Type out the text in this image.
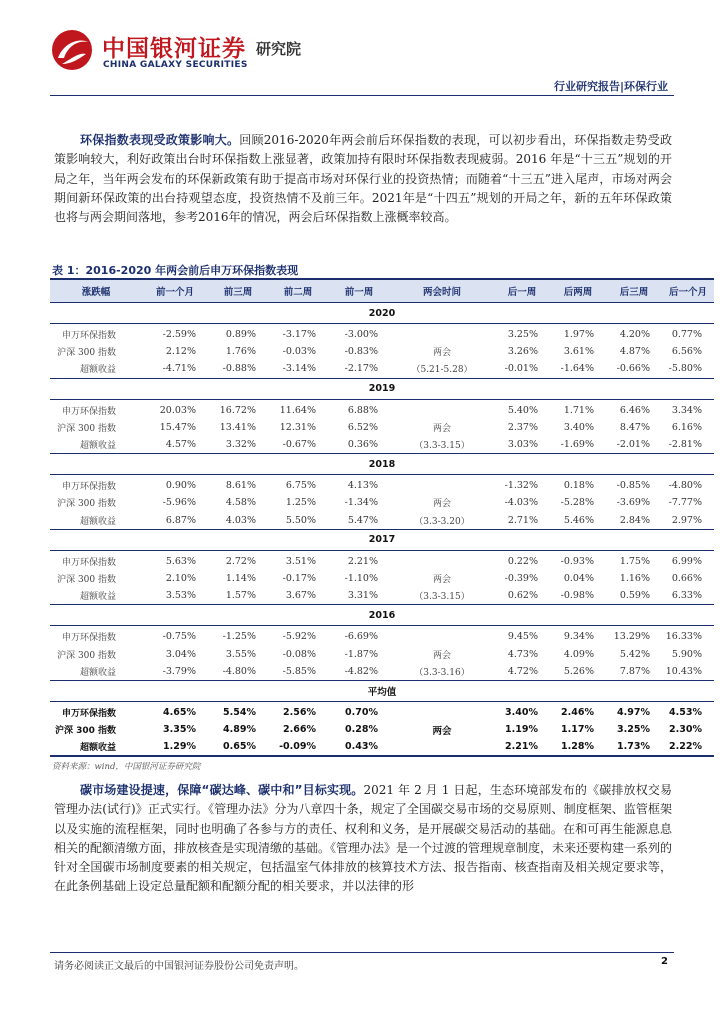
中国银河证券 研究院
CHINA GALAXY SECURITIES
行业研究报告|环保行业

环保指数表现受政策影响大。回顾2016-2020年两会前后环保指数的表现，可以初步看出，环保指数走势受政策影响较大，利好政策出台时环保指数上涨显著，政策加持有限时环保指数表现疲弱。2016 年是“十三五”规划的开局之年，当年两会发布的环保新政策有助于提高市场对环保行业的投资热情；而随着“十三五”进入尾声，市场对两会期间新环保政策的出台持观望态度，投资热情不及前三年。2021年是“十四五”规划的开局之年，新的五年环保政策也将与两会期间落地，参考2016年的情况，两会后环保指数上涨概率较高。

表 1：2016-2020 年两会前后申万环保指数表现
涨跌幅	前一个月	前三周	前二周	前一周	两会时间	后一周	后两周	后三周	后一个月
2020									
申万环保指数	-2.59%	0.89%	-3.17%	-3.00%		3.25%	1.97%	4.20%	0.77%
沪深 300 指数	2.12%	1.76%	-0.03%	-0.83%	两会	3.26%	3.61%	4.87%	6.56%
超额收益	-4.71%	-0.88%	-3.14%	-2.17%	（5.21-5.28）	-0.01%	-1.64%	-0.66%	-5.80%
2019									
申万环保指数	20.03%	16.72%	11.64%	6.88%		5.40%	1.71%	6.46%	3.34%
沪深 300 指数	15.47%	13.41%	12.31%	6.52%	两会	2.37%	3.40%	8.47%	6.16%
超额收益	4.57%	3.32%	-0.67%	0.36%	（3.3-3.15）	3.03%	-1.69%	-2.01%	-2.81%
2018									
申万环保指数	0.90%	8.61%	6.75%	4.13%		-1.32%	0.18%	-0.85%	-4.80%
沪深 300 指数	-5.96%	4.58%	1.25%	-1.34%	两会	-4.03%	-5.28%	-3.69%	-7.77%
超额收益	6.87%	4.03%	5.50%	5.47%	（3.3-3.20）	2.71%	5.46%	2.84%	2.97%
2017									
申万环保指数	5.63%	2.72%	3.51%	2.21%		0.22%	-0.93%	1.75%	6.99%
沪深 300 指数	2.10%	1.14%	-0.17%	-1.10%	两会	-0.39%	0.04%	1.16%	0.66%
超额收益	3.53%	1.57%	3.67%	3.31%	（3.3-3.15）	0.62%	-0.98%	0.59%	6.33%
2016									
申万环保指数	-0.75%	-1.25%	-5.92%	-6.69%		9.45%	9.34%	13.29%	16.33%
沪深 300 指数	3.04%	3.55%	-0.08%	-1.87%	两会	4.73%	4.09%	5.42%	5.90%
超额收益	-3.79%	-4.80%	-5.85%	-4.82%	（3.3-3.16）	4.72%	5.26%	7.87%	10.43%
平均值									
申万环保指数	4.65%	5.54%	2.56%	0.70%		3.40%	2.46%	4.97%	4.53%
沪深 300 指数	3.35%	4.89%	2.66%	0.28%	两会	1.19%	1.17%	3.25%	2.30%
超额收益	1.29%	0.65%	-0.09%	0.43%		2.21%	1.28%	1.73%	2.22%
资料来源：wind，中国银河证券研究院

碳市场建设提速，保障“碳达峰、碳中和”目标实现。2021 年 2 月 1 日起，生态环境部发布的《碳排放权交易管理办法(试行)》正式实行。《管理办法》分为八章四十条，规定了全国碳交易市场的交易原则、制度框架、监管框架以及实施的流程框架，同时也明确了各参与方的责任、权利和义务，是开展碳交易活动的基础。在和可再生能源息息相关的配额清缴方面，排放核查是实现清缴的基础。《管理办法》是一个过渡的管理规章制度，未来还要构建一系列的针对全国碳市场制度要素的相关规定，包括温室气体排放的核算技术方法、报告指南、核查指南及相关规定要求等，在此条例基础上设定总量配额和配额分配的相关要求，并以法律的形

请务必阅读正文最后的中国银河证券股份公司免责声明。	2
